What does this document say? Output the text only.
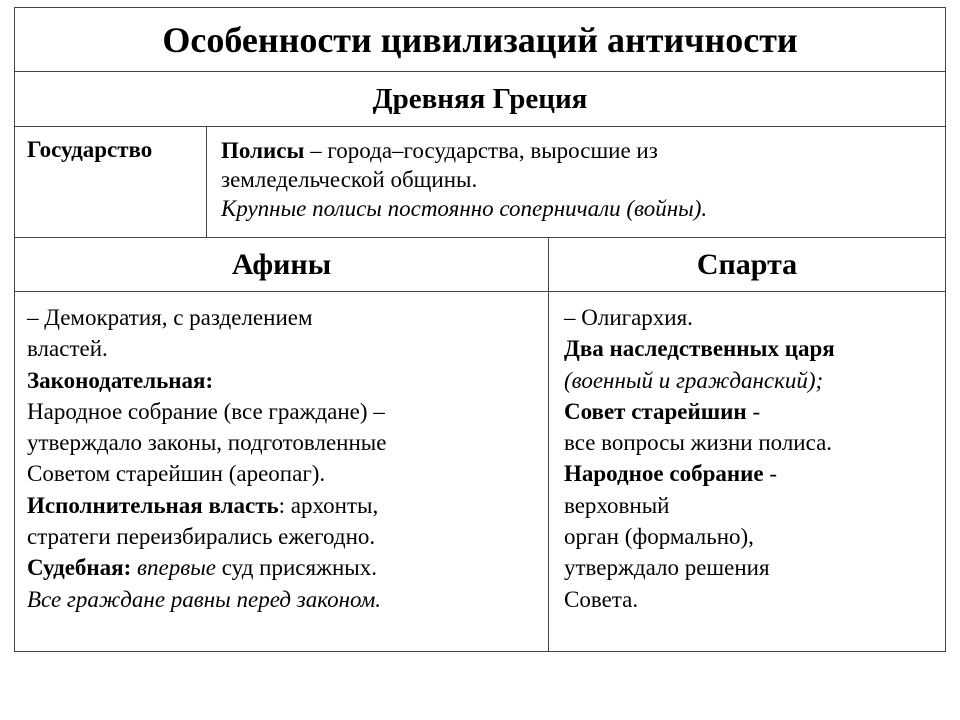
Особенности цивилизаций античности
Древняя Греция
Государство	Полисы – города–государства, выросшие из
земледельческой общины.
Крупные полисы постоянно соперничали (войны).
Афины	Спарта
– Демократия, с разделением
властей.
Законодательная:
Народное собрание (все граждане) –
утверждало законы, подготовленные
Советом старейшин (ареопаг).
Исполнительная власть: архонты,
стратеги переизбирались ежегодно.
Судебная: впервые суд присяжных.
Все граждане равны перед законом.
– Олигархия.
Два наследственных царя
(военный и гражданский);
Совет старейшин -
все вопросы жизни полиса.
Народное собрание -
верховный
орган (формально),
утверждало решения
Совета.
